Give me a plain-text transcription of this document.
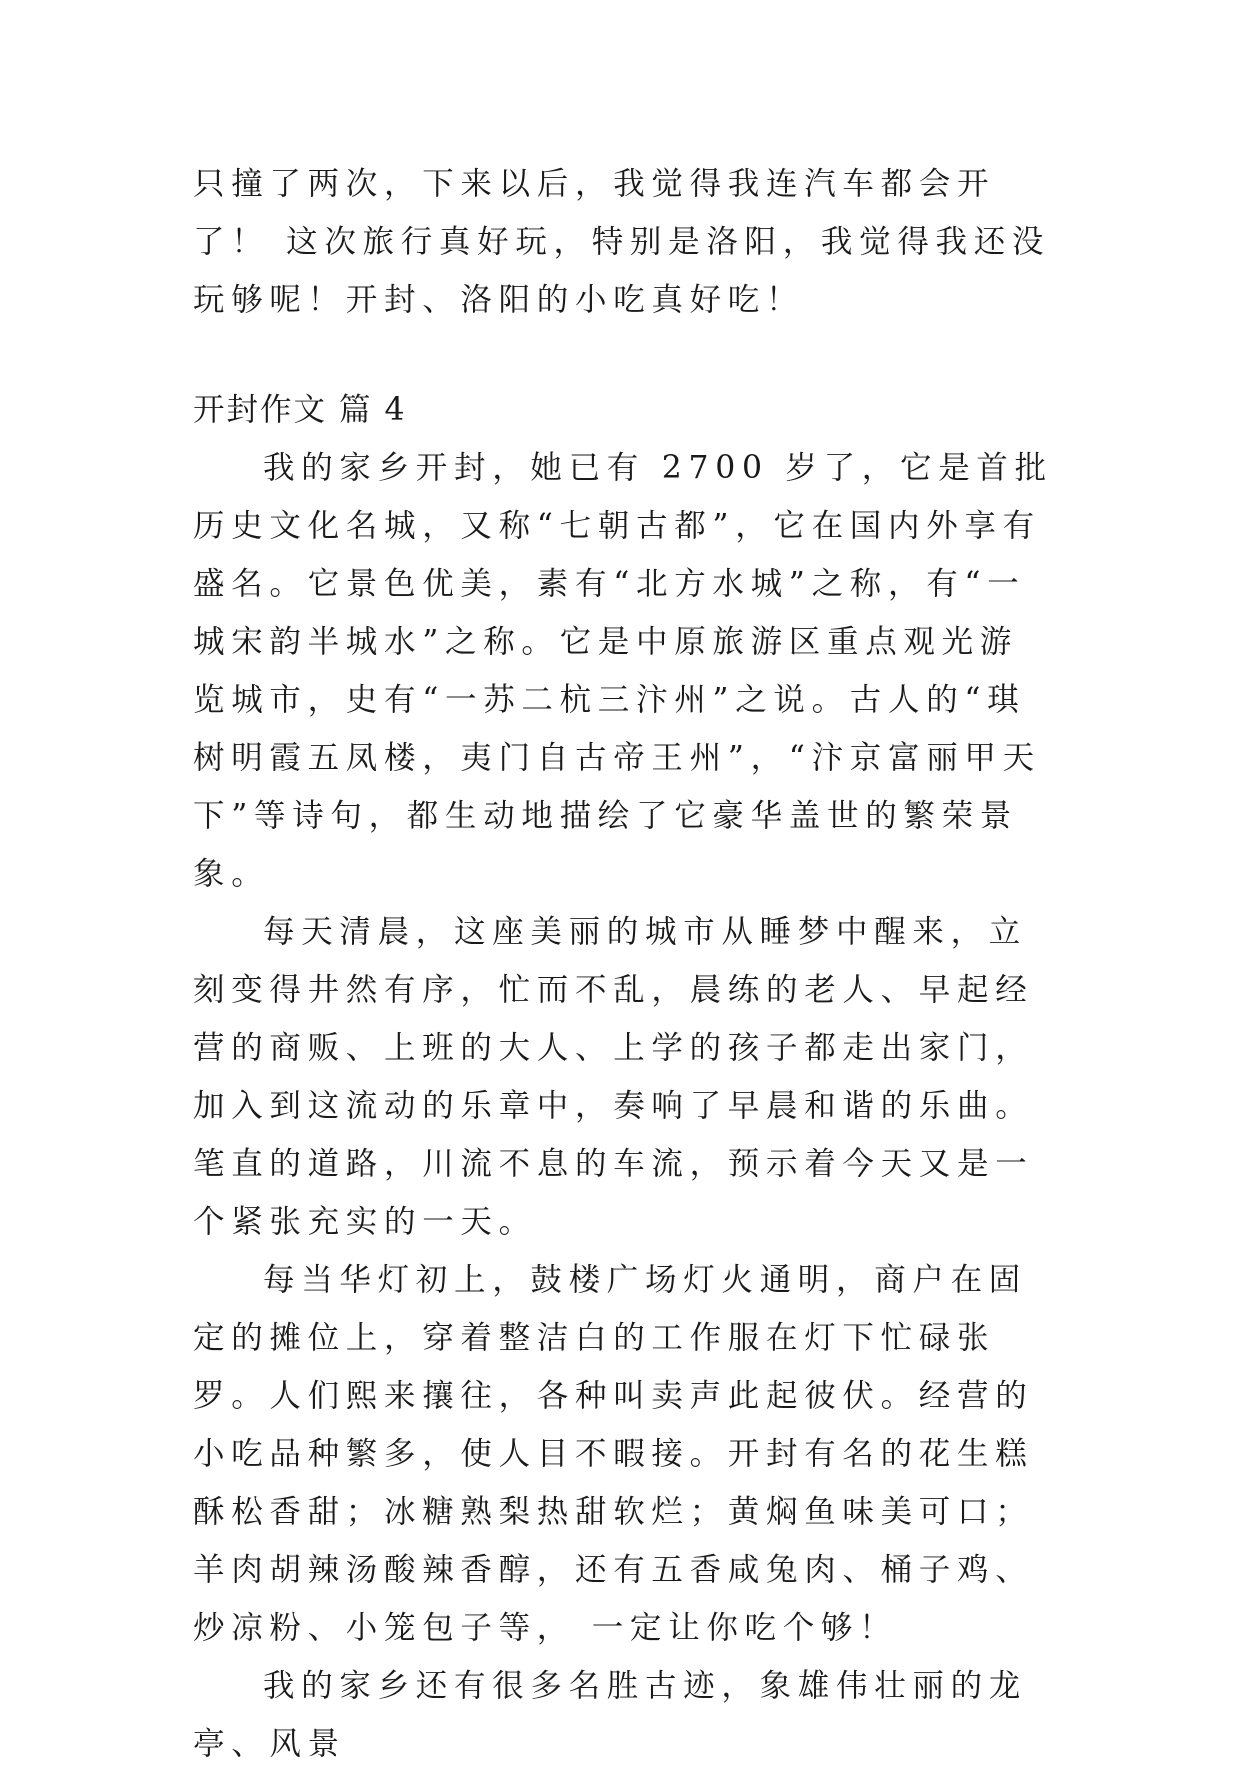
只撞了两次，下来以后，我觉得我连汽车都会开了！ 这次旅行真好玩，特别是洛阳，我觉得我还没玩够呢！开封、洛阳的小吃真好吃！

开封作文 篇 4

我的家乡开封，她已有 2700 岁了，它是首批历史文化名城，又称“七朝古都”，它在国内外享有盛名。它景色优美，素有“北方水城”之称，有“一城宋韵半城水”之称。它是中原旅游区重点观光游览城市，史有“一苏二杭三汴州”之说。古人的“琪树明霞五凤楼，夷门自古帝王州”，“汴京富丽甲天下”等诗句，都生动地描绘了它豪华盖世的繁荣景象。

每天清晨，这座美丽的城市从睡梦中醒来，立刻变得井然有序，忙而不乱，晨练的老人、早起经营的商贩、上班的大人、上学的孩子都走出家门，加入到这流动的乐章中，奏响了早晨和谐的乐曲。笔直的道路，川流不息的车流，预示着今天又是一个紧张充实的一天。

每当华灯初上，鼓楼广场灯火通明，商户在固定的摊位上，穿着整洁白的工作服在灯下忙碌张罗。人们熙来攘往，各种叫卖声此起彼伏。经营的小吃品种繁多，使人目不暇接。开封有名的花生糕酥松香甜；冰糖熟梨热甜软烂；黄焖鱼味美可口；羊肉胡辣汤酸辣香醇，还有五香咸兔肉、桶子鸡、炒凉粉、小笼包子等， 一定让你吃个够！

我的家乡还有很多名胜古迹，象雄伟壮丽的龙亭、风景
